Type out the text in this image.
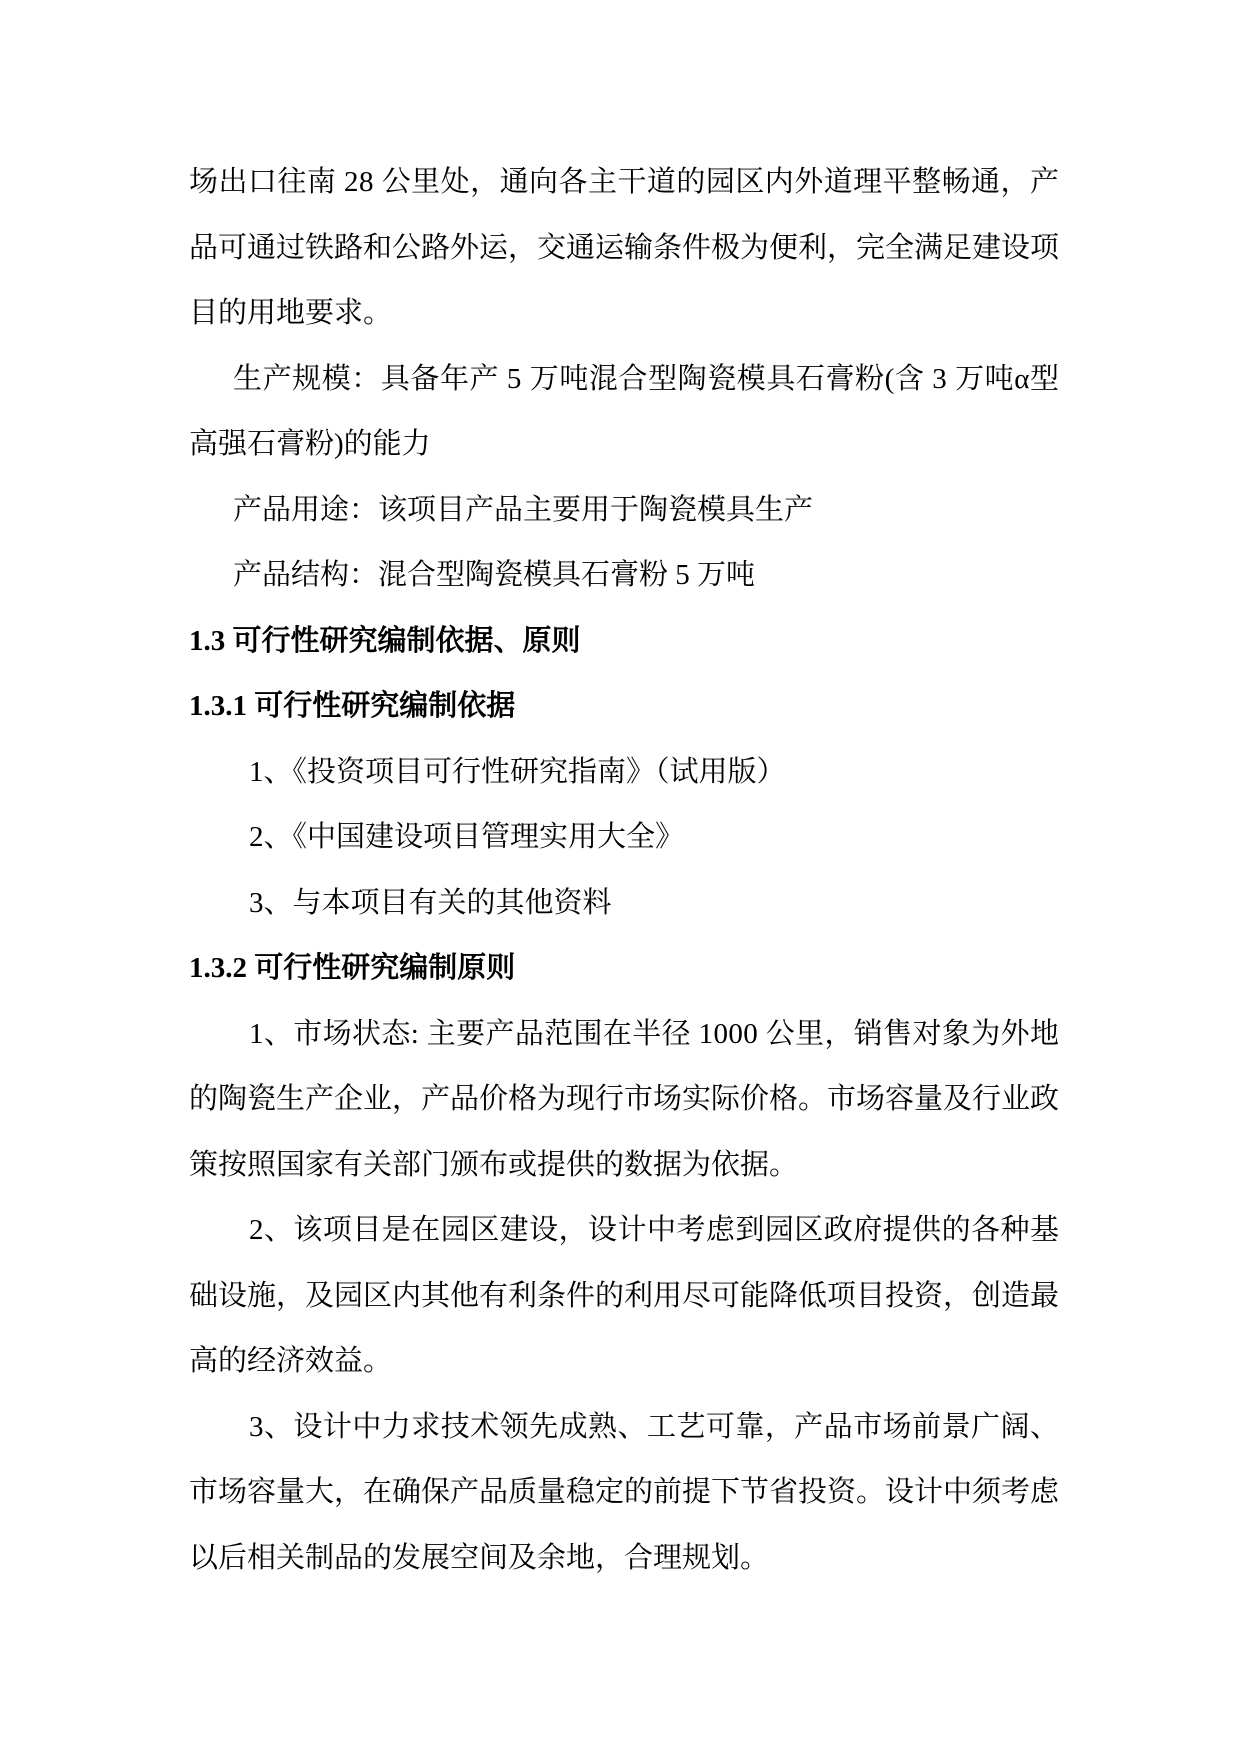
场出口往南 28 公里处，通向各主干道的园区内外道理平整畅通，产
品可通过铁路和公路外运，交通运输条件极为便利，完全满足建设项
目的用地要求。
生产规模：具备年产 5 万吨混合型陶瓷模具石膏粉(含 3 万吨α型
高强石膏粉)的能力
产品用途：该项目产品主要用于陶瓷模具生产
产品结构：混合型陶瓷模具石膏粉 5 万吨
1.3 可行性研究编制依据、原则
1.3.1 可行性研究编制依据
1、《投资项目可行性研究指南》（试用版）
2、《中国建设项目管理实用大全》
3、与本项目有关的其他资料
1.3.2 可行性研究编制原则
1、市场状态: 主要产品范围在半径 1000 公里，销售对象为外地
的陶瓷生产企业，产品价格为现行市场实际价格。市场容量及行业政
策按照国家有关部门颁布或提供的数据为依据。
2、该项目是在园区建设，设计中考虑到园区政府提供的各种基
础设施，及园区内其他有利条件的利用尽可能降低项目投资，创造最
高的经济效益。
3、设计中力求技术领先成熟、工艺可靠，产品市场前景广阔、
市场容量大，在确保产品质量稳定的前提下节省投资。设计中须考虑
以后相关制品的发展空间及余地，合理规划。
